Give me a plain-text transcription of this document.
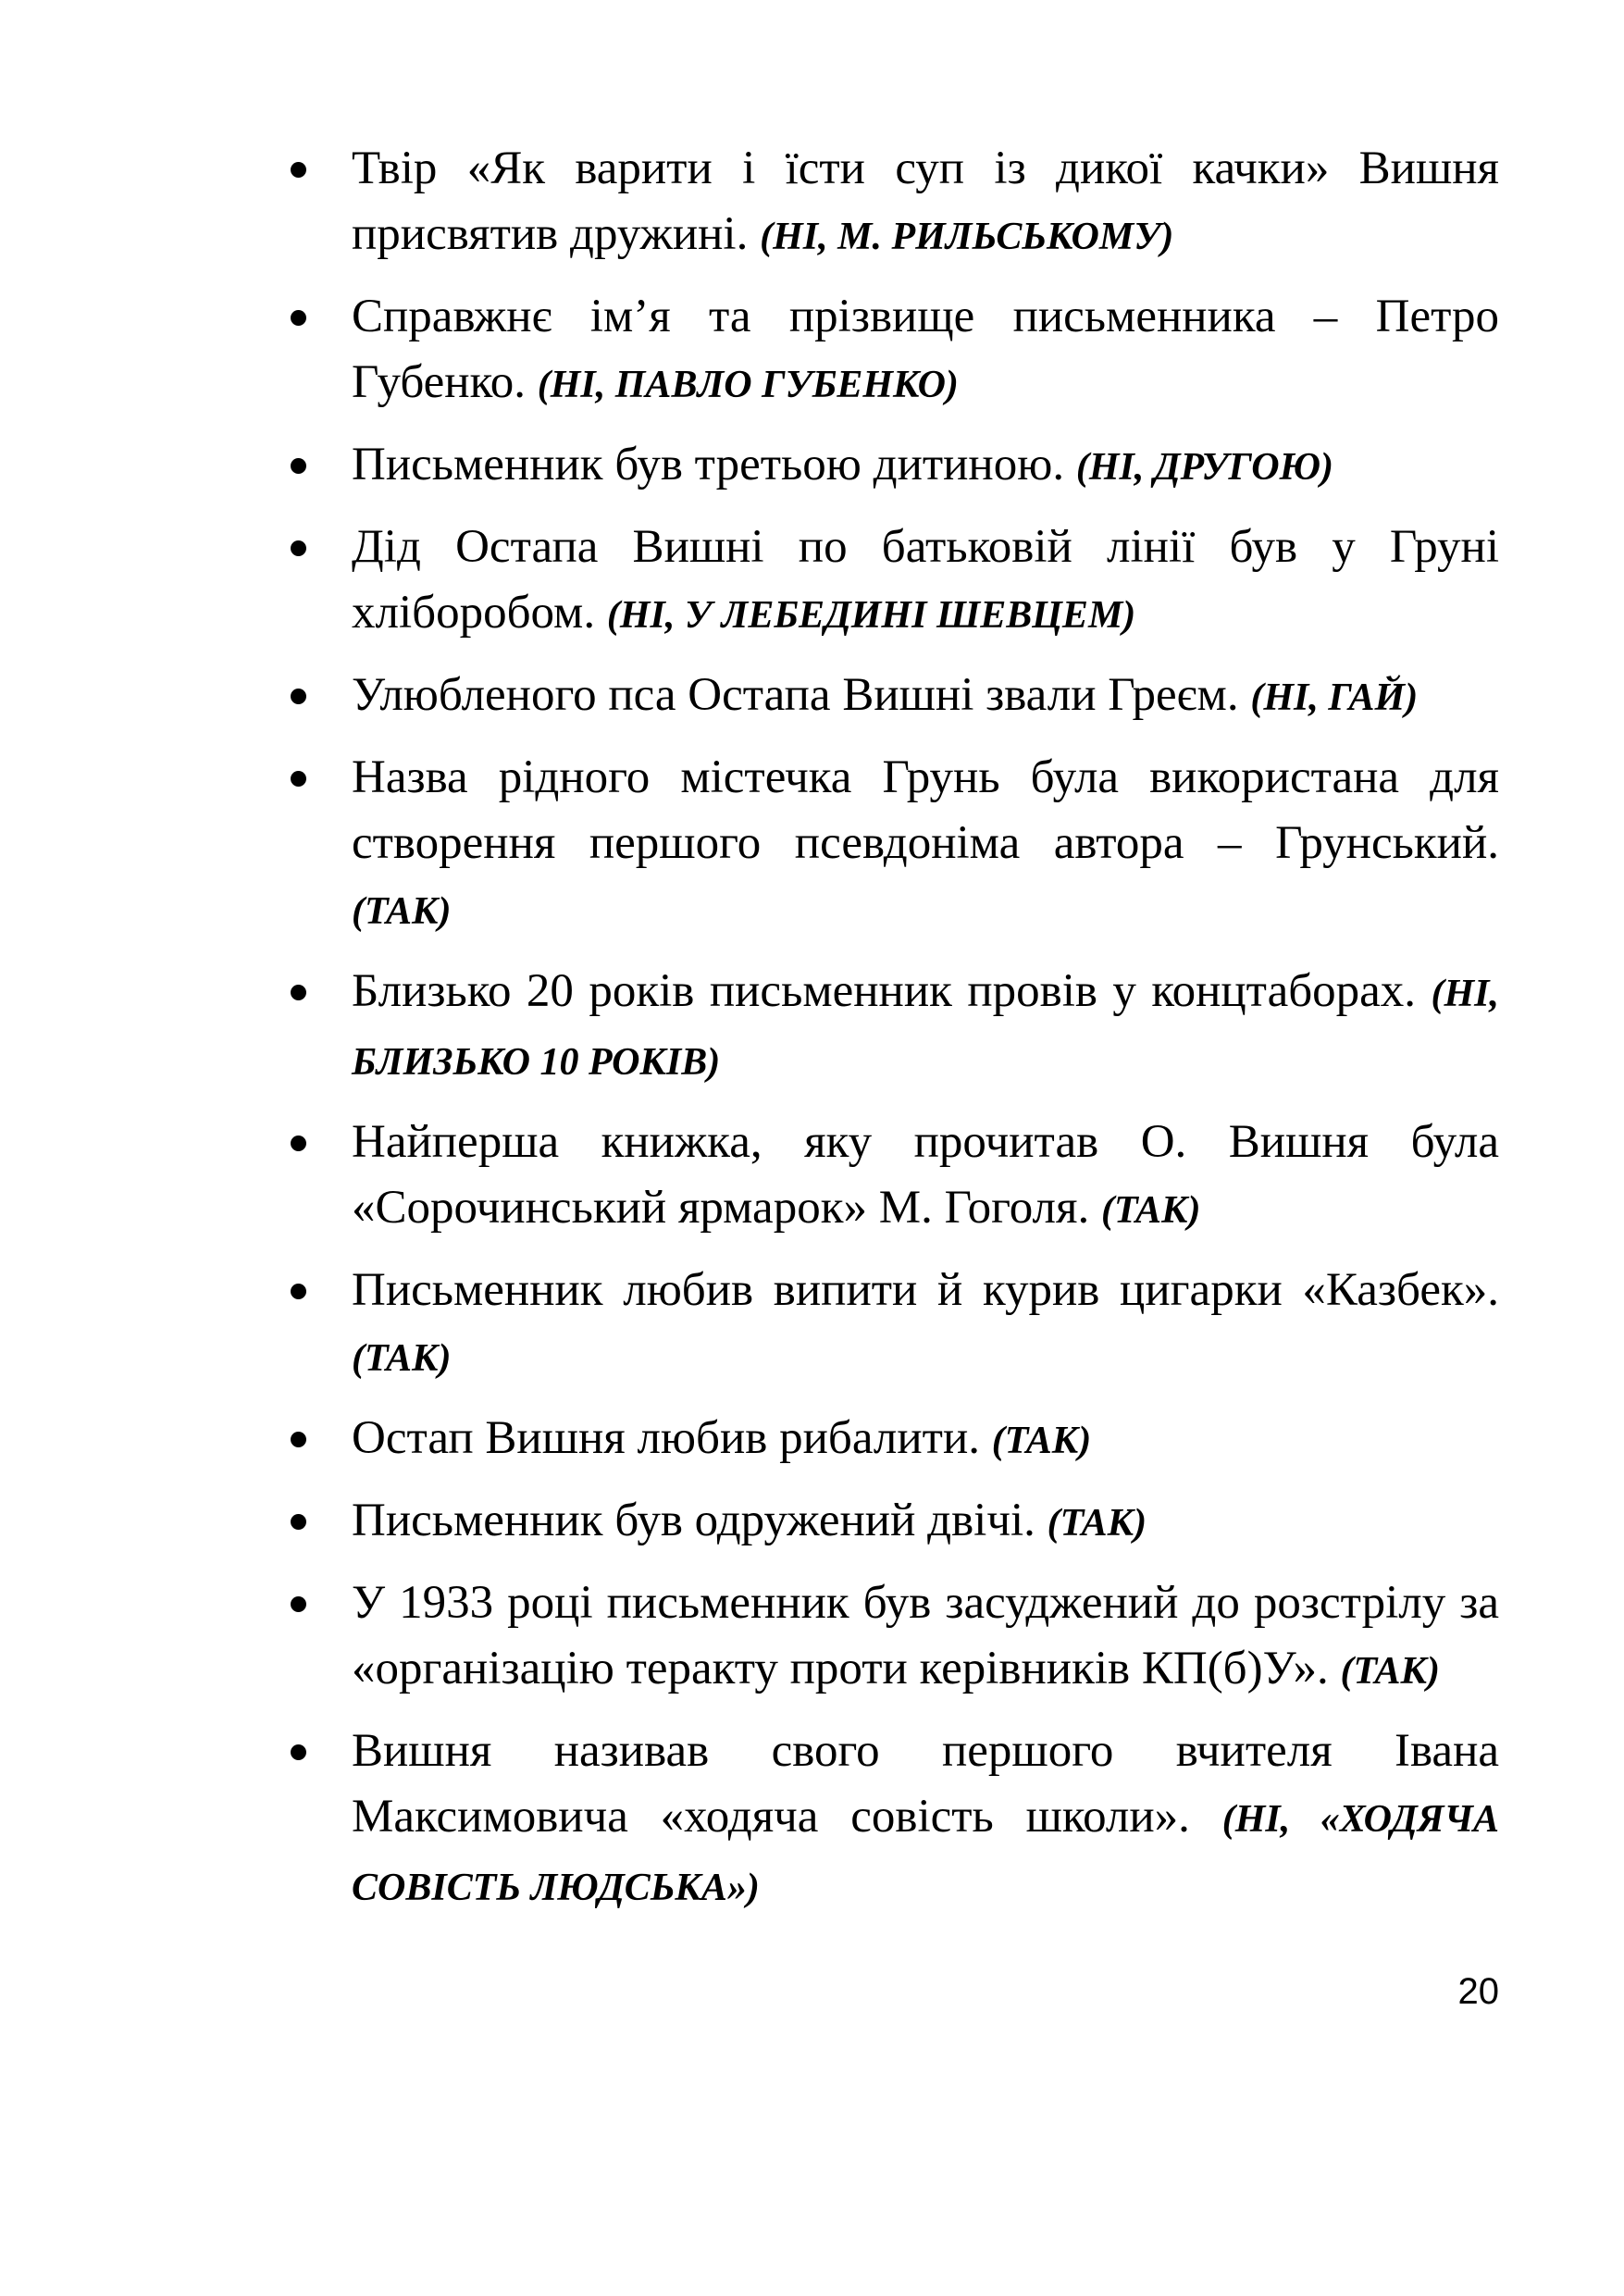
Твір «Як варити і їсти суп із дикої качки» Вишня присвятив дружині. (НІ, М. РИЛЬСЬКОМУ)
Справжнє ім’я та прізвище письменника – Петро Губенко. (НІ, ПАВЛО ГУБЕНКО)
Письменник був третьою дитиною. (НІ, ДРУГОЮ)
Дід Остапа Вишні по батьковій лінії був у Груні хліборобом. (НІ, У ЛЕБЕДИНІ ШЕВЦЕМ)
Улюбленого пса Остапа Вишні звали Греєм. (НІ, ГАЙ)
Назва рідного містечка Грунь була використана для створення першого псевдоніма автора – Грунський. (ТАК)
Близько 20 років письменник провів у концтаборах. (НІ, БЛИЗЬКО 10 РОКІВ)
Найперша книжка, яку прочитав О. Вишня була «Сорочинський ярмарок» М. Гоголя. (ТАК)
Письменник любив випити й курив цигарки «Казбек». (ТАК)
Остап Вишня любив рибалити. (ТАК)
Письменник був одружений двічі. (ТАК)
У 1933 році письменник був засуджений до розстрілу за «організацію теракту проти керівників КП(б)У». (ТАК)
Вишня називав свого першого вчителя Івана Максимовича «ходяча совість школи». (НІ, «ХОДЯЧА СОВІСТЬ ЛЮДСЬКА»)
20
